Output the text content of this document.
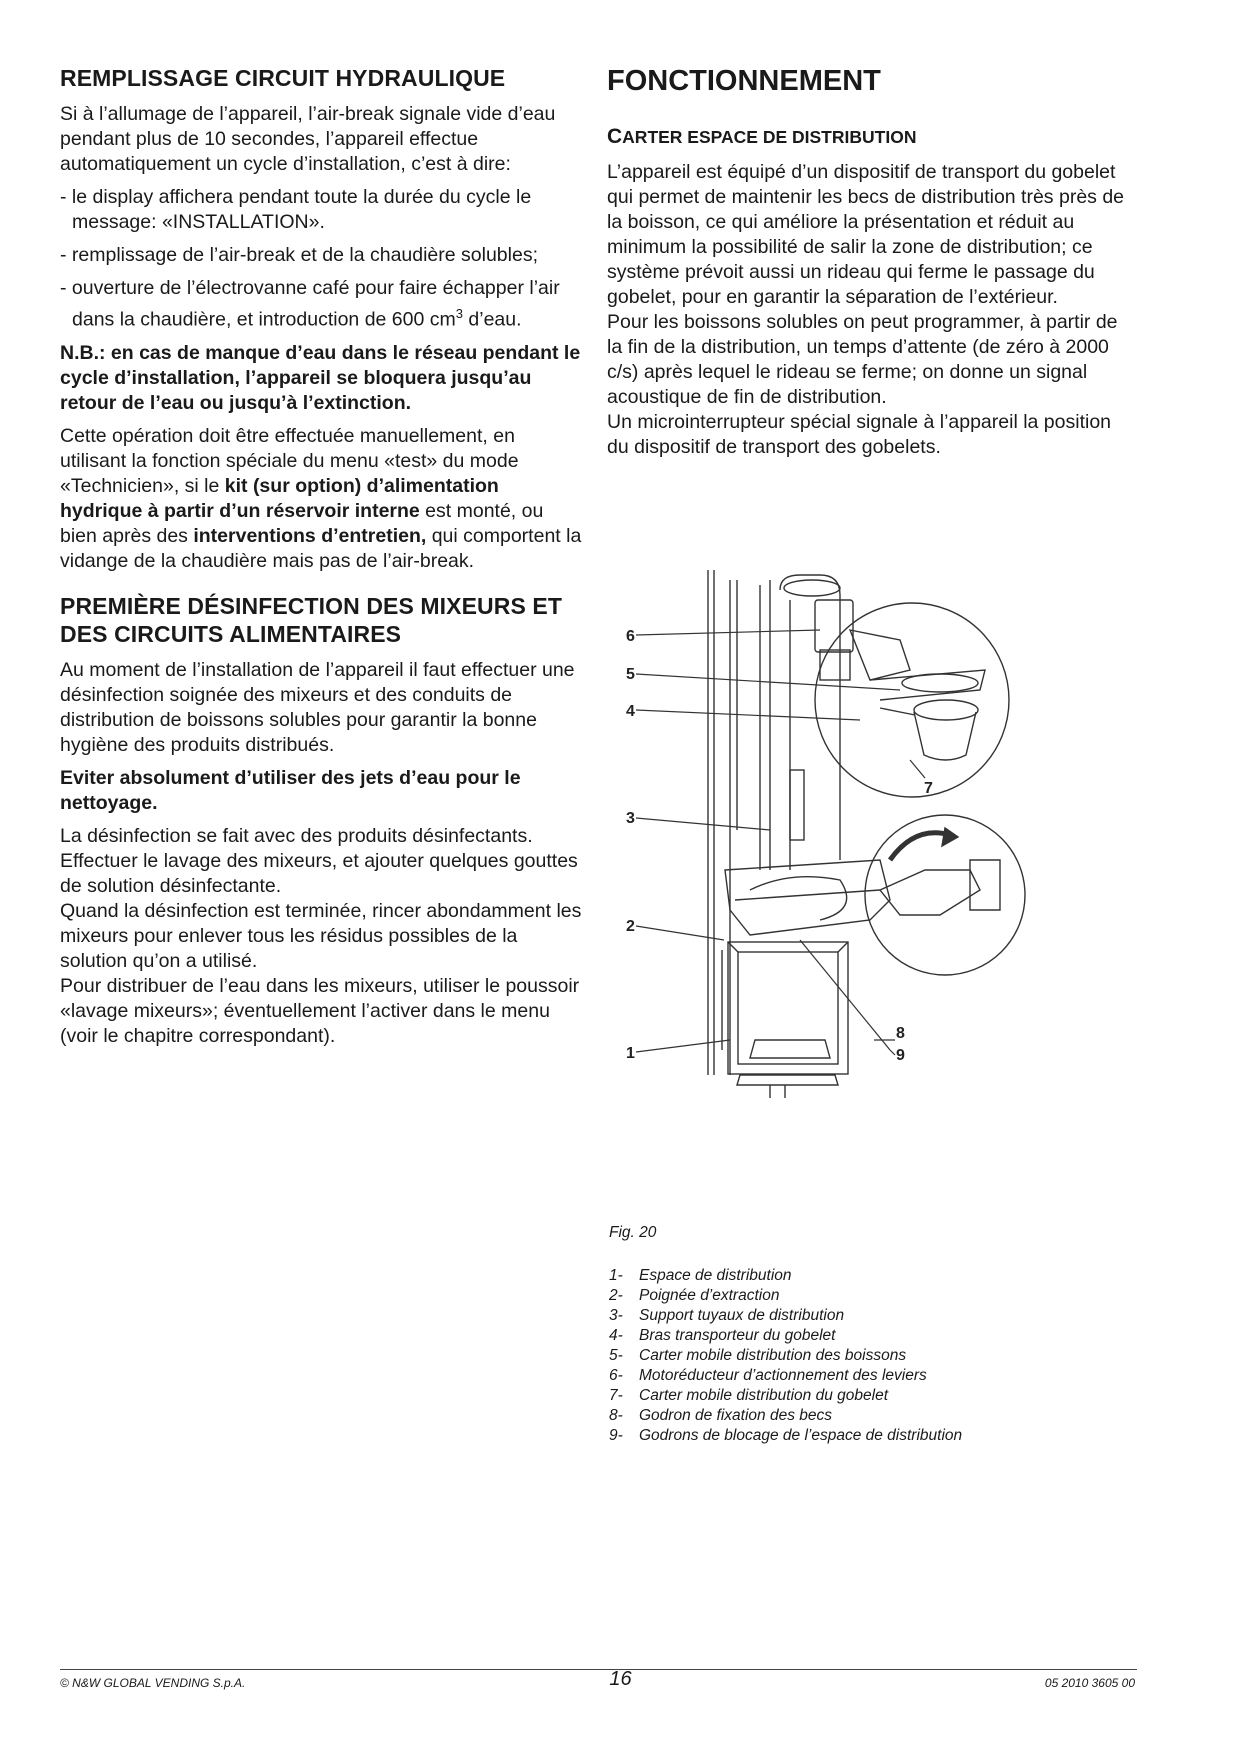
REMPLISSAGE CIRCUIT HYDRAULIQUE

Si à l’allumage de l’appareil, l’air-break signale vide d’eau pendant plus de 10 secondes, l’appareil effectue automatiquement un cycle d’installation, c’est à dire:

- le display affichera pendant toute la durée du cycle le message: «INSTALLATION».
- remplissage de l’air-break et de la chaudière solubles;
- ouverture de l’électrovanne café pour faire échapper l’air dans la chaudière, et introduction de 600 $cm^3$ d’eau.

N.B.: en cas de manque d’eau dans le réseau pendant le cycle d’installation, l’appareil se bloquera jusqu’au retour de l’eau ou jusqu’à l’extinction.

Cette opération doit être effectuée manuellement, en utilisant la fonction spéciale du menu «test» du mode «Technicien», si le kit (sur option) d’alimentation hydrique à partir d’un réservoir interne est monté, ou bien après des interventions d’entretien, qui comportent la vidange de la chaudière mais pas de l’air-break.

PREMIÈRE DÉSINFECTION DES MIXEURS ET DES CIRCUITS ALIMENTAIRES

Au moment de l’installation de l’appareil il faut effectuer une désinfection soignée des mixeurs et des conduits de distribution de boissons solubles pour garantir la bonne hygiène des produits distribués.

Eviter absolument d’utiliser des jets d’eau pour le nettoyage.

La désinfection se fait avec des produits désinfectants. Effectuer le lavage des mixeurs, et ajouter quelques gouttes de solution désinfectante.

Quand la désinfection est terminée, rincer abondamment les mixeurs pour enlever tous les résidus possibles de la solution qu’on a utilisé.

Pour distribuer de l’eau dans les mixeurs, utiliser le poussoir «lavage mixeurs»; éventuellement l’activer dans le menu (voir le chapitre correspondant).

FONCTIONNEMENT
CARTER ESPACE DE DISTRIBUTION

L’appareil est équipé d’un dispositif de transport du gobelet qui permet de maintenir les becs de distribution très près de la boisson, ce qui améliore la présentation et réduit au minimum la possibilité de salir la zone de distribution; ce système prévoit aussi un rideau qui ferme le passage du gobelet, pour en garantir la séparation de l’extérieur.

Pour les boissons solubles on peut programmer, à partir de la fin de la distribution, un temps d’attente (de zéro à 2000 c/s) après lequel le rideau se ferme; on donne un signal acoustique de fin de distribution.

Un microinterrupteur spécial signale à l’appareil la position du dispositif de transport des gobelets.

6
5
4
7
3
2
1
8
9
Fig. 20
1-	Espace de distribution
2-	Poignée d’extraction
3-	Support tuyaux de distribution
4-	Bras transporteur du gobelet
5-	Carter mobile distribution des boissons
6-	Motoréducteur d’actionnement des leviers
7-	Carter mobile distribution du gobelet
8-	Godron de fixation des becs
9-	Godrons de blocage de l’espace de distribution
© N&W GLOBAL VENDING S.p.A.	16	05 2010 3605 00
